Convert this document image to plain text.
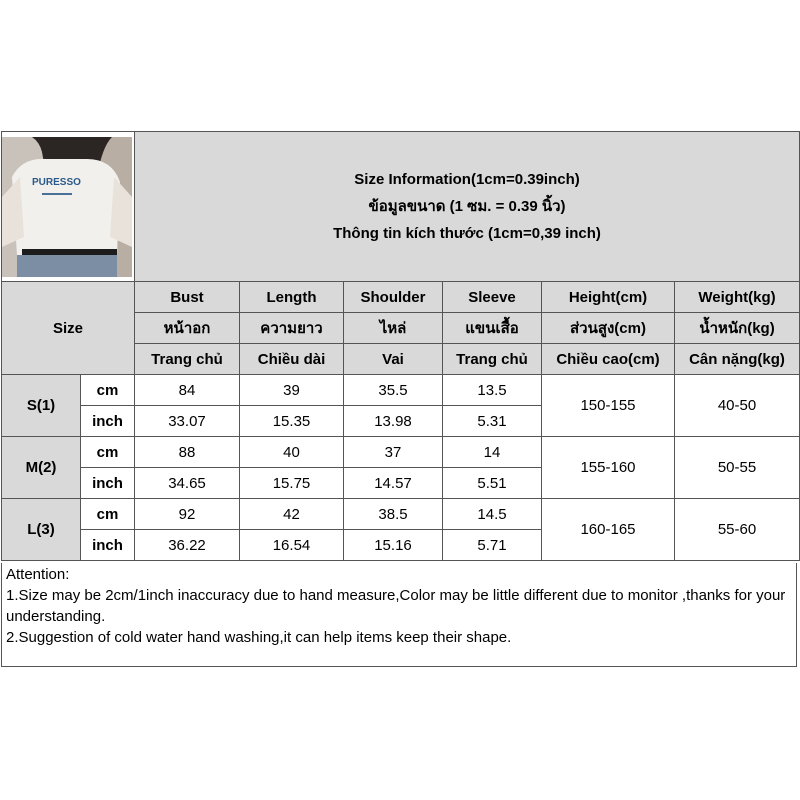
PURESSO		Size Information(1cm=0.39inch)
ข้อมูลขนาด (1 ซม. = 0.39 นิ้ว)
Thông tin kích thước (1cm=0,39 inch)					

Size		Bust	Length	Shoulder	Sleeve	Height(cm)	Weight(kg)
		หน้าอก	ความยาว	ไหล่	แขนเสื้อ	ส่วนสูง(cm)	น้ำหนัก(kg)
		Trang chủ	Chiều dài	Vai	Trang chủ	Chiều cao(cm)	Cân nặng(kg)
S(1)	cm	84	39	35.5	13.5	150-155	40-50
	inch	33.07	15.35	13.98	5.31		
M(2)	cm	88	40	37	14	155-160	50-55
	inch	34.65	15.75	14.57	5.51		
L(3)	cm	92	42	38.5	14.5	160-165	55-60
	inch	36.22	16.54	15.16	5.71		
Attention:
1.Size may be 2cm/1inch inaccuracy due to hand measure,Color may be little different due to monitor ,thanks for your understanding.
2.Suggestion of cold water hand washing,it can help items keep their shape.
